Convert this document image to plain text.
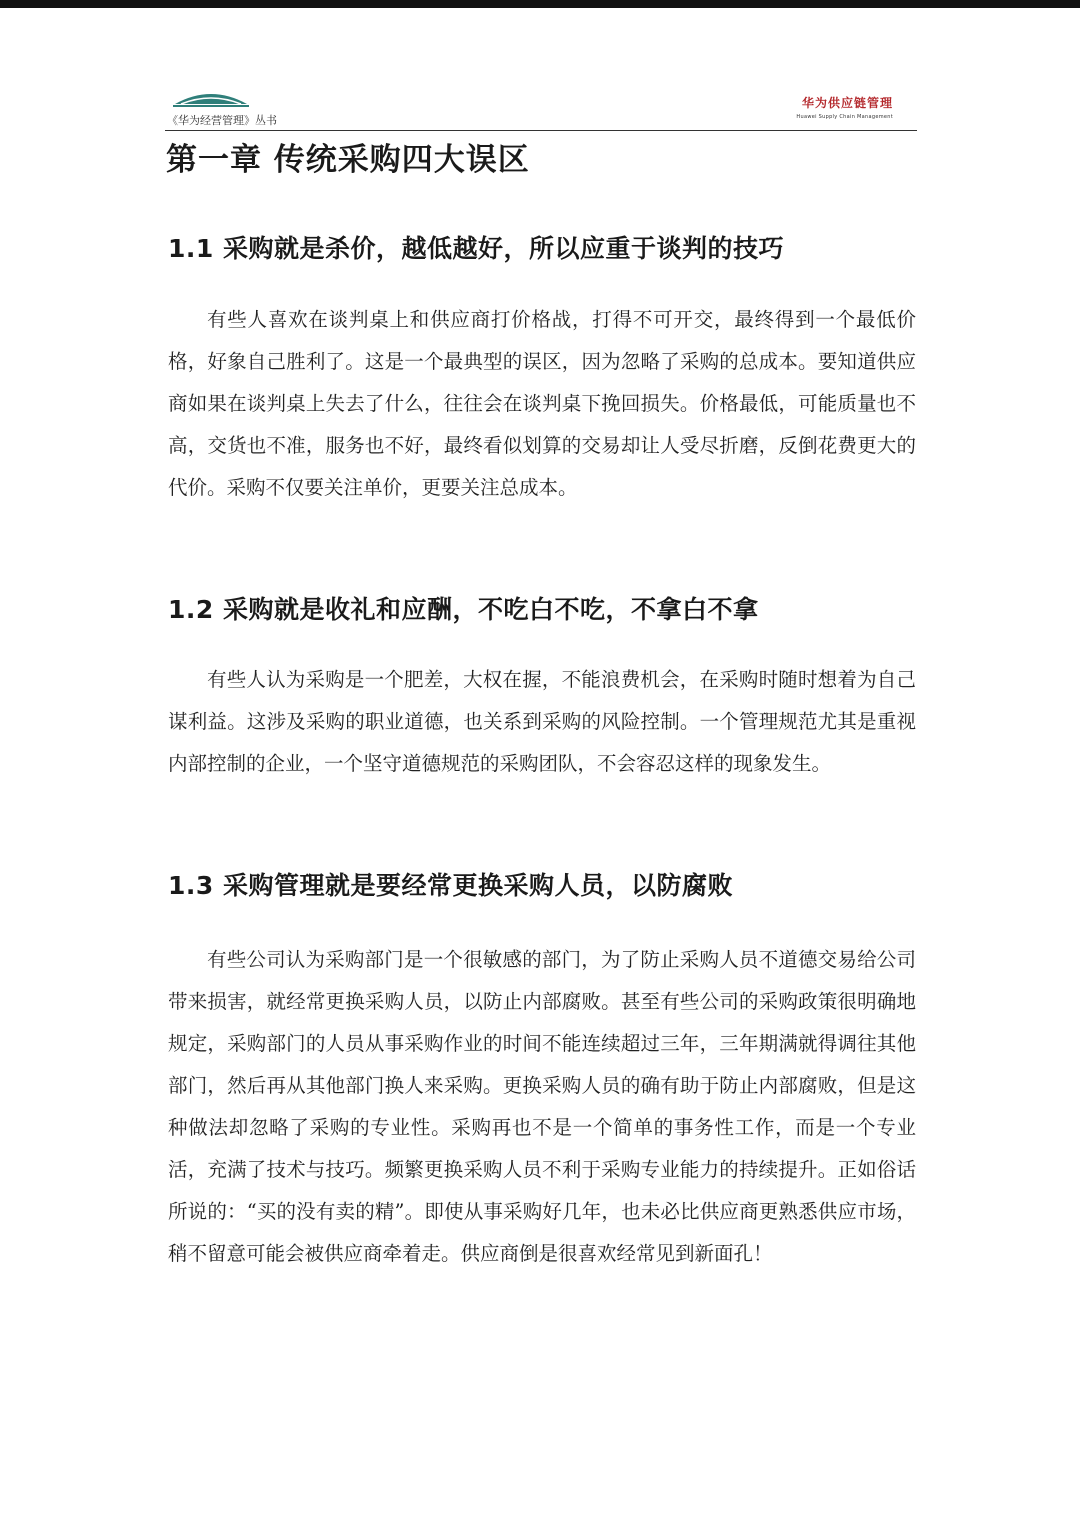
《华为经营管理》丛书
华为供应链管理
Huawei Supply Chain Management
第一章 传统采购四大误区
1.1 采购就是杀价，越低越好，所以应重于谈判的技巧

有些人喜欢在谈判桌上和供应商打价格战，打得不可开交，最终得到一个最低价格，好象自己胜利了。这是一个最典型的误区，因为忽略了采购的总成本。要知道供应商如果在谈判桌上失去了什么，往往会在谈判桌下挽回损失。价格最低，可能质量也不高，交货也不准，服务也不好，最终看似划算的交易却让人受尽折磨，反倒花费更大的代价。采购不仅要关注单价，更要关注总成本。

1.2 采购就是收礼和应酬，不吃白不吃，不拿白不拿

有些人认为采购是一个肥差，大权在握，不能浪费机会，在采购时随时想着为自己谋利益。这涉及采购的职业道德，也关系到采购的风险控制。一个管理规范尤其是重视内部控制的企业，一个坚守道德规范的采购团队，不会容忍这样的现象发生。

1.3 采购管理就是要经常更换采购人员，以防腐败

有些公司认为采购部门是一个很敏感的部门，为了防止采购人员不道德交易给公司带来损害，就经常更换采购人员，以防止内部腐败。甚至有些公司的采购政策很明确地规定，采购部门的人员从事采购作业的时间不能连续超过三年，三年期满就得调往其他部门，然后再从其他部门换人来采购。更换采购人员的确有助于防止内部腐败，但是这种做法却忽略了采购的专业性。采购再也不是一个简单的事务性工作，而是一个专业活，充满了技术与技巧。频繁更换采购人员不利于采购专业能力的持续提升。正如俗话所说的：“买的没有卖的精”。即使从事采购好几年，也未必比供应商更熟悉供应市场，稍不留意可能会被供应商牵着走。供应商倒是很喜欢经常见到新面孔！
